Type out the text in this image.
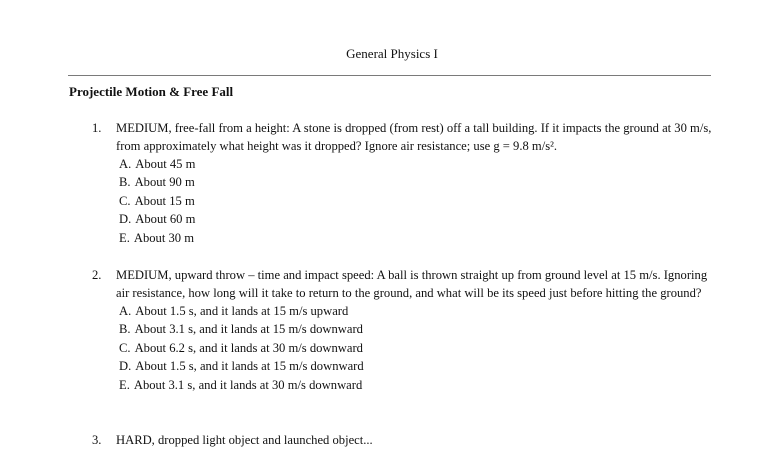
General Physics I
Projectile Motion & Free Fall
1. MEDIUM, free-fall from a height: A stone is dropped (from rest) off a tall building. If it impacts the ground at 30 m/s, from approximately what height was it dropped? Ignore air resistance; use g = 9.8 m/s².
A. About 45 m
B. About 90 m
C. About 15 m
D. About 60 m
E. About 30 m
2. MEDIUM, upward throw – time and impact speed: A ball is thrown straight up from ground level at 15 m/s. Ignoring air resistance, how long will it take to return to the ground, and what will be its speed just before hitting the ground?
A. About 1.5 s, and it lands at 15 m/s upward
B. About 3.1 s, and it lands at 15 m/s downward
C. About 6.2 s, and it lands at 30 m/s downward
D. About 1.5 s, and it lands at 15 m/s downward
E. About 3.1 s, and it lands at 30 m/s downward
3. HARD, dropped light object and launched object...
